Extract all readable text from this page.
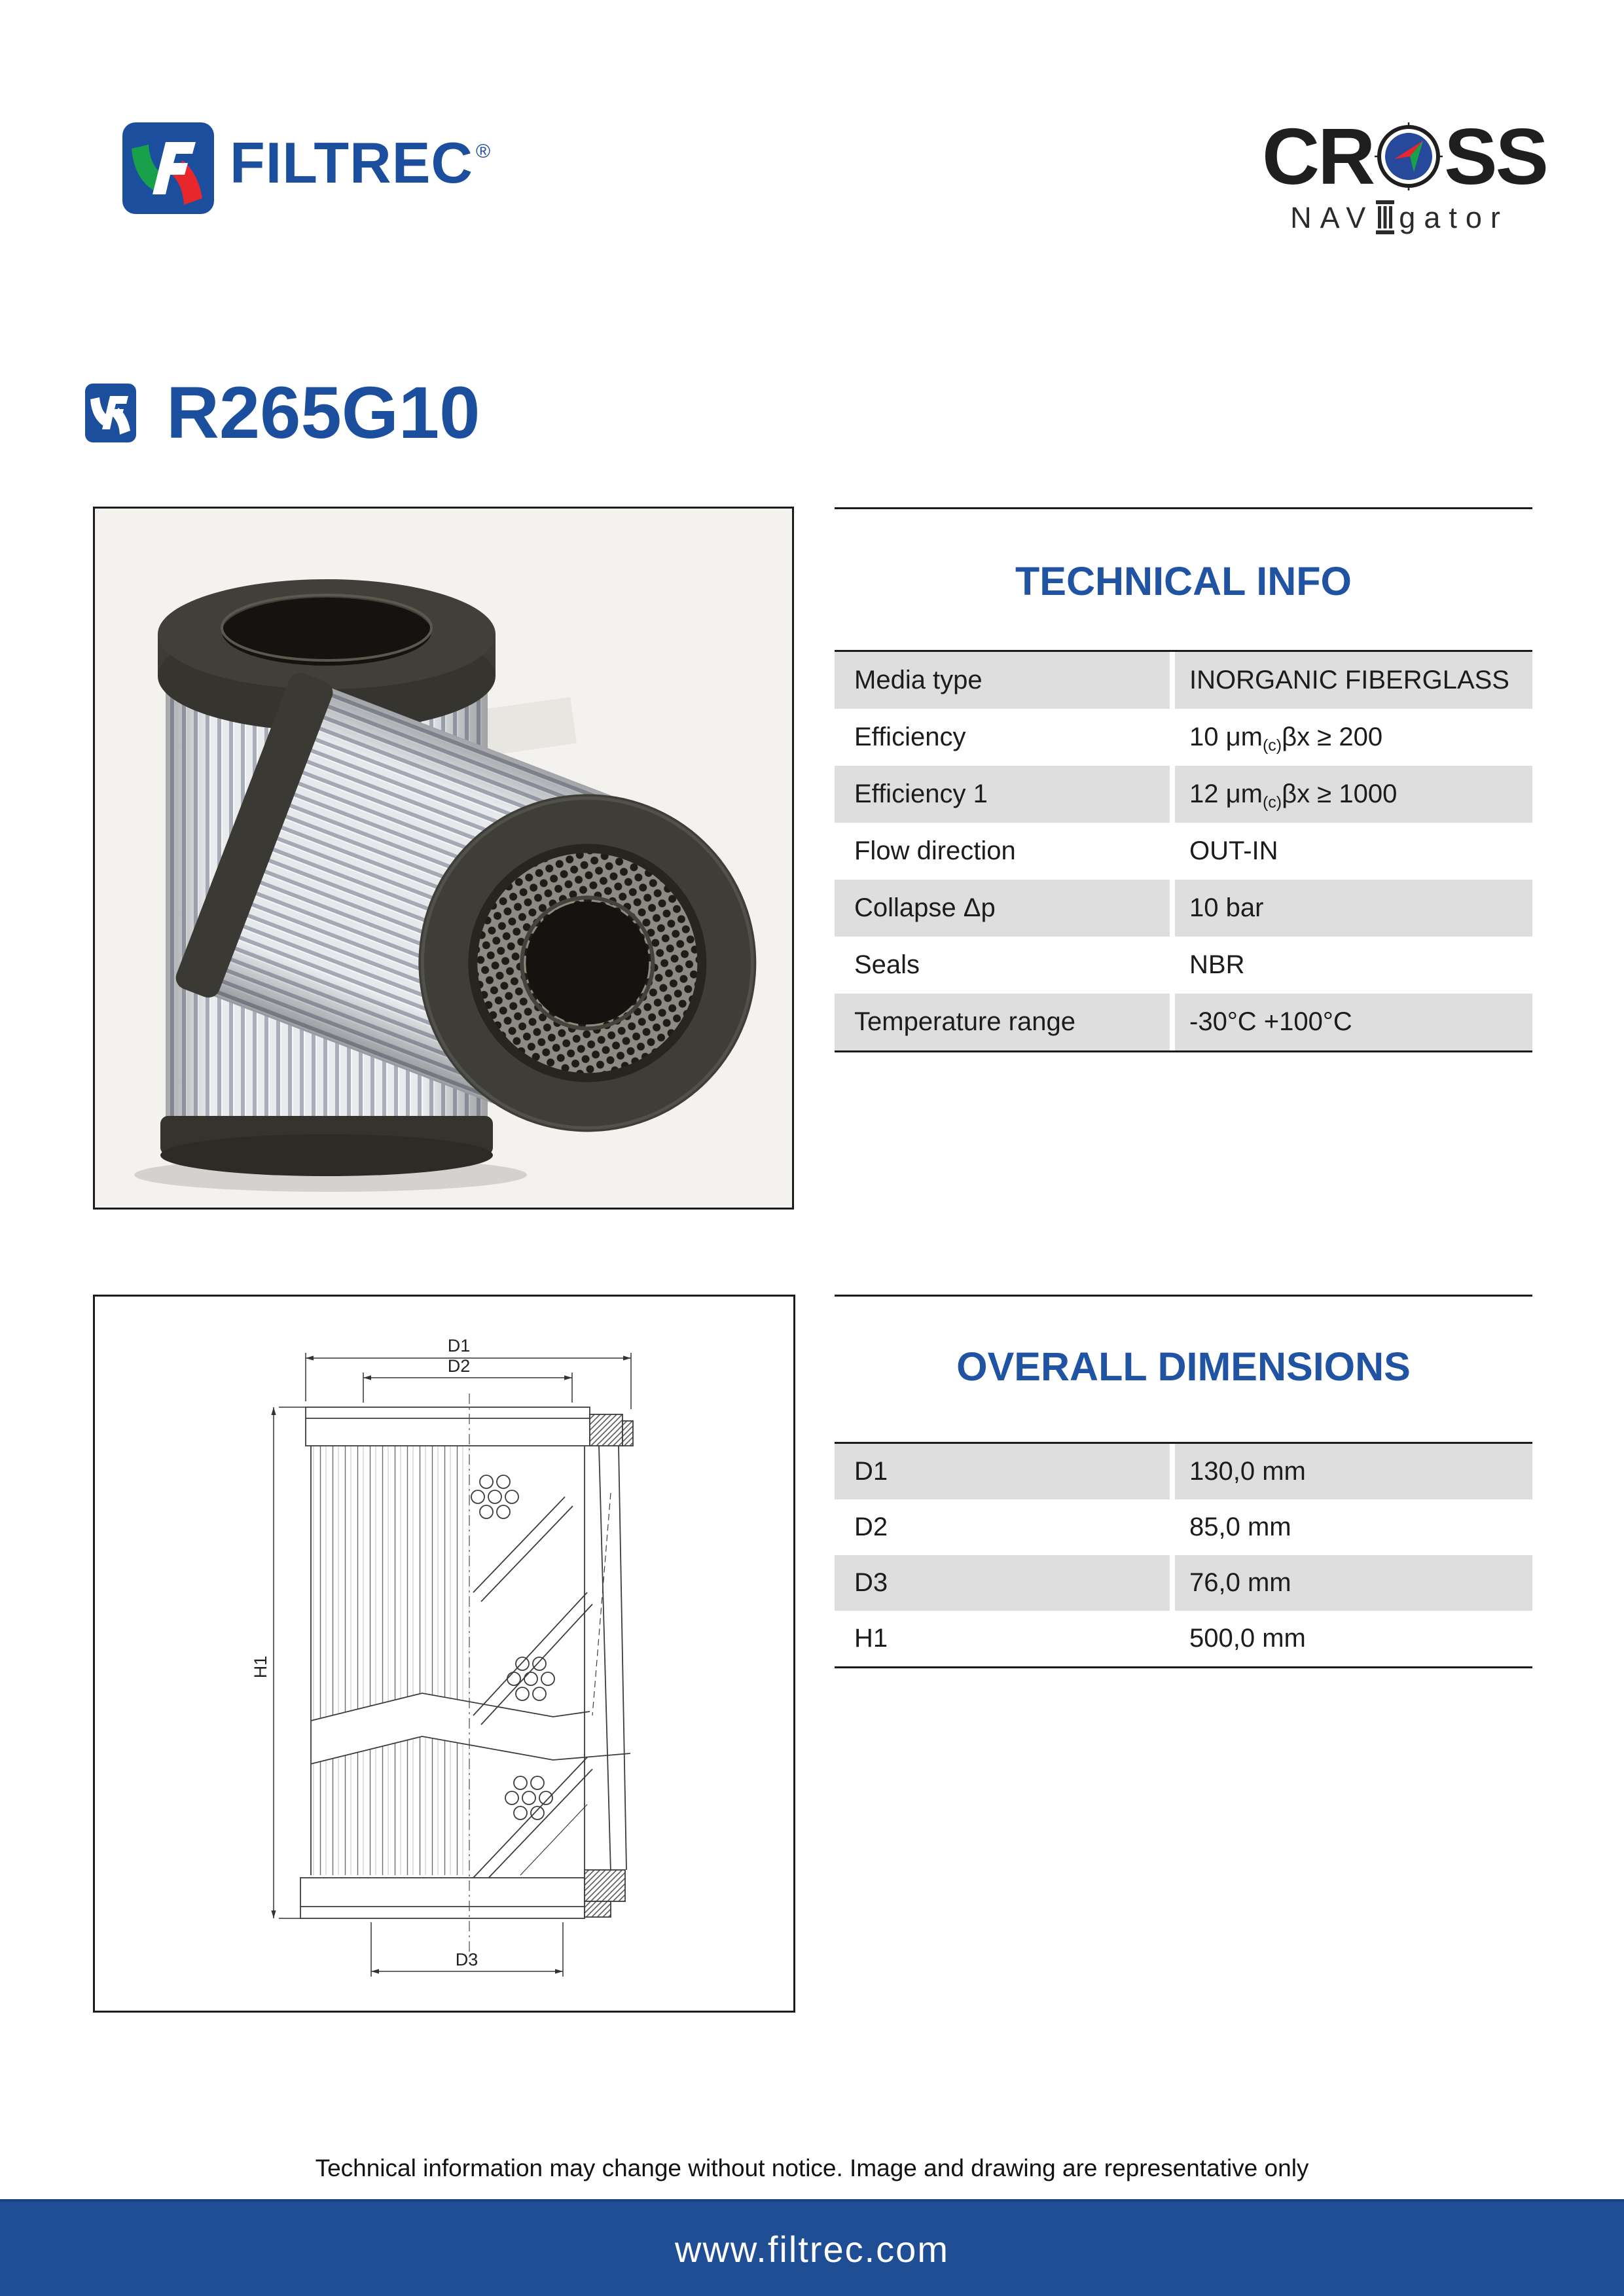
FILTREC ®	CR SS
NAV gator
R265G10
TECHNICAL INFO
Media type	INORGANIC FIBERGLASS
Efficiency	10 μm (c) βx ≥ 200
Efficiency 1	12 μm (c) βx ≥ 1000
Flow direction	OUT-IN
Collapse Δp	10 bar
Seals	NBR
Temperature range	-30°C +100°C
D1
D2
H1
D3
OVERALL DIMENSIONS
D1	130,0 mm
D2	85,0 mm
D3	76,0 mm
H1	500,0 mm
Technical information may change without notice. Image and drawing are representative only
www.filtrec.com
